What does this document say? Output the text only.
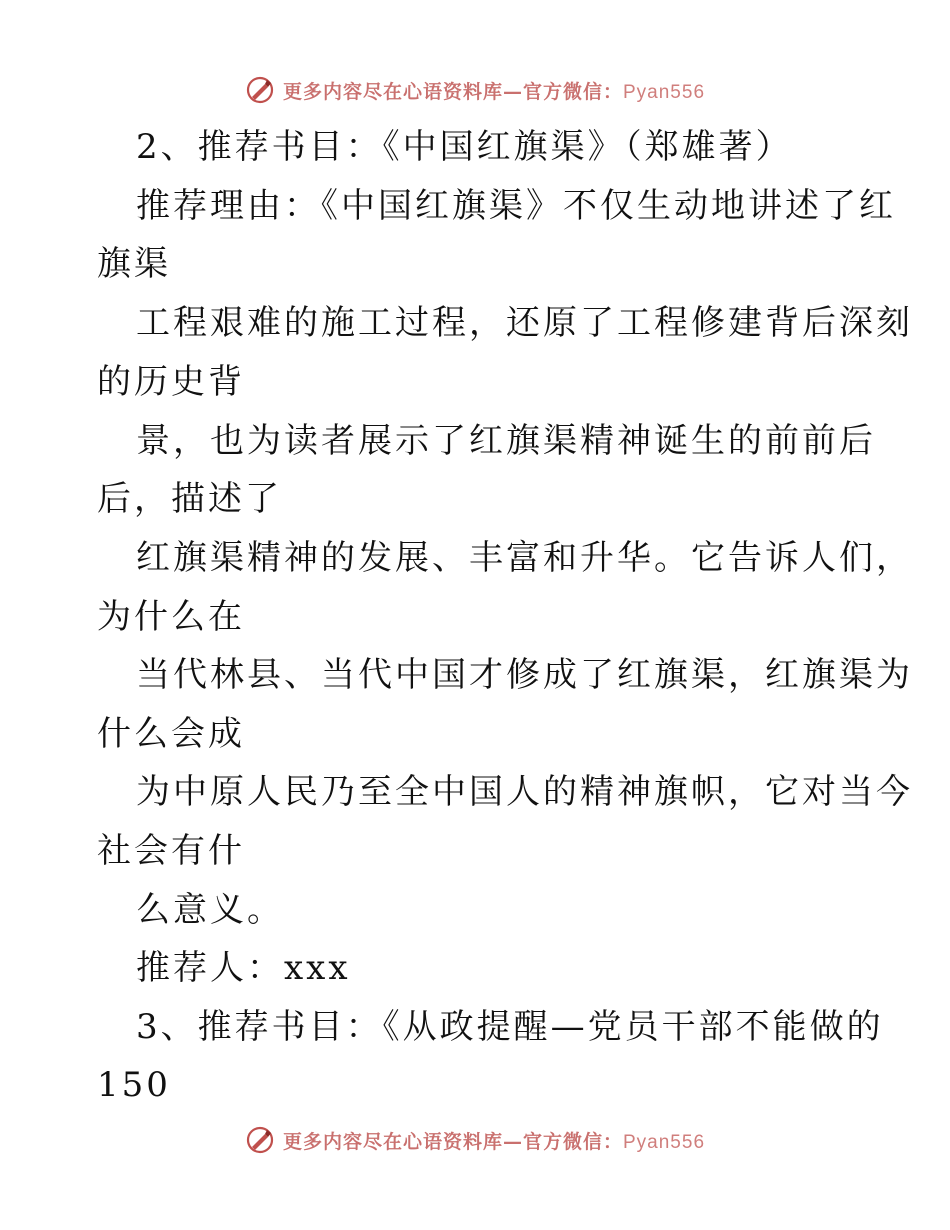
更多内容尽在心语资料库—官方微信：Pyan556
2、推荐书目：《中国红旗渠》（郑雄著）
推荐理由：《中国红旗渠》不仅生动地讲述了红
旗渠
工程艰难的施工过程，还原了工程修建背后深刻
的历史背
景，也为读者展示了红旗渠精神诞生的前前后
后，描述了
红旗渠精神的发展、丰富和升华。它告诉人们，
为什么在
当代林县、当代中国才修成了红旗渠，红旗渠为
什么会成
为中原人民乃至全中国人的精神旗帜，它对当今
社会有什
么意义。
推荐人：xxx
3、推荐书目：《从政提醒—党员干部不能做的
150
更多内容尽在心语资料库—官方微信：Pyan556
